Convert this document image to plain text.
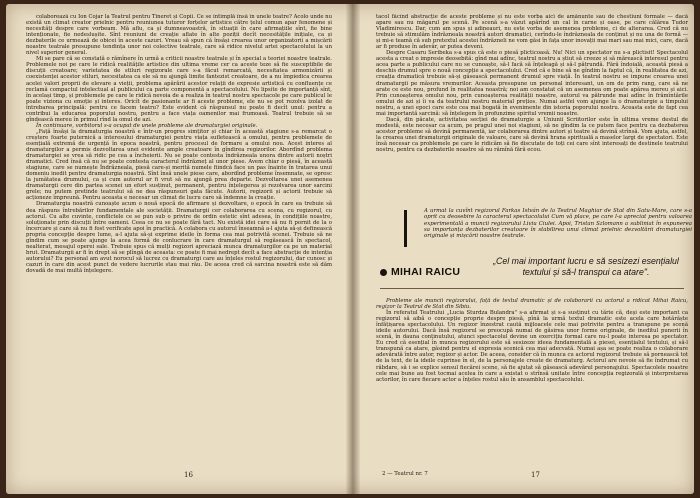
colaborează cu Ion Cojar la Teatrul pentru Tineret și Copii. Ce se întîmplă însă în unele teatre? Acolo unde nu există un climat creator prielnic pentru reuniunea tuturor forțelor artistice către țelul comun apar fenomene și necesități despre care vorbeam. Mă aflu, ca și dumneavoastră, în situații în care afirmațiile sînt, fie bine intenționate, fie nedeslușite. Sînt reuniuni de creație aflate în alte poziții decît necesitățile inițiale, ca și dezbaterile ce urmează de obicei în aceste cazuri. Vreau să spun că însăși crearea unor organizatorii a mișcării noastre teatrale presupune tendința unor noi colective teatrale, care să ridice nivelul artei spectacolului la un nivel superior general.

Mi se pare că se constată o rămînere în urmă a criticii noastre teatrale și în special a teoriei noastre teatrale. Problemele noi pe care le ridică realitățile artistice din ultima vreme cer ca aceste teze să fie susceptibile de discuții creatoare; varietatea de stiluri regizorale care s-a făcut remarcată, necesitatea armonizării și coexistenței acestor stiluri, necesitatea ca ele să nu ajungă limite fantezist creatoare, de a nu împiedica crearea acelei valori proprii de elevare a vieții, problema apărării acestor relații de expresie artistică cu confluențe ce reclamă compactul intelectual al publicului ca parte componentă a spectacolului. Nu lipsite de importanță sînt, în același timp, și problemele pe care le ridică nevoia de a realiza în teatrul nostru spectacole pe care publicul le poate viziona cu emoție și interes. Oricît de pasionante ar fi aceste probleme, ele nu se pot rezolva izolat de întrebarea principală: pentru ce facem teatru? Este evident că răspunsul nu poate fi decît unul: pentru a contribui la educarea poporului nostru, pentru a face viața oamenilor mai frumoasă. Teatrul trebuie să se gîndească mereu în primul rînd la omul de azi.

În continuare, vorbitorul s-a ocupat de unele probleme ale dramaturgiei originale.

„Față însăși la dramaturgia noastră e într-un progres simțitor și chiar în această stagiune s-a remarcat o creștere foarte puternică a interesului dramaturgiei pentru viața sufletească a omului, pentru problemele de esențială extremă de urgență în epoca noastră, pentru procesul de formare a omului nou. Acest interes al dramaturgilor a permis dezvoltarea unei evidente ample creatoare în gîndirea regizorilor. Abordînd problema dramaturgiei se vrea să ridic pe cea a încheierii. Nu se poate contesta îndrăzneala unora dintre autorii noștri dramatici. Cred însă că nu se poate contesta caracterul îndrăzneț al unor piese. Avem chiar o piesă, în această stagiune, care se numește Îndrăzneala, piesă care-și merită numele fiindcă face un pas înainte în tratarea unui domeniu inedit pentru dramaturgia noastră. Sînt însă unele piese care, abordînd probleme însemnate, se opresc la jumătatea drumului, ca și cum autorul ar fi vrut să nu ajungă prea departe. Dezvoltarea unei asemenea dramaturgii cere din partea scenei un efort susținut, permanent, pentru înțelegerea și rezolvarea unor sarcini grele; nu putem pretinde teatrului să ne dea răspunsuri gata făcute. Autorii, regizorii și actorii trebuie să acționeze împreună. Pentru aceasta e necesar un climat de lucru care să îndemne la creație.

Dramaturgia noastră cunoaște acum o nouă epocă de afirmare și dezvoltare, o epocă în care ea trebuie să dea răspuns întrebărilor fundamentale ale societății. Dramaturgii cer colaborarea cu scena, cu regizorul, cu actorul. Cu alte cuvinte, conflictele ce se pun sub o privire de ordin estetic sînt adesea, în condițiile noastre, soluționate prin discuții între oameni. Ceea ce nu se poate fără tact. Nu există idei care să nu fi pornit de la o încercare și care să nu fi fost verificate apoi în practică. A colabora cu autorul înseamnă a-l ajuta să-și definească propria concepție despre lume, a-l ajuta să-și exprime ideile în forma cea mai potrivită scenei. Trebuie să ne gîndim cum se poate ajunge la acea formă de conlucrare în care dramaturgul să regăsească în spectacol, nealterat, mesajul operei sale. Trebuie spus că mulți regizori apreciază munca dramaturgilor ca pe un material brut. Dramaturgii ar fi în drept să se plîngă de aceasta: ce poate fi mai nedrept decît a face abstracție de intenția autorului? Eu personal am avut norocul să lucrez cu dramaturgi care au înțeles rostul regizorului, dar cunosc și cazuri în care din acest punct de vedere lucrurile stau mai rău. De aceea cred că sarcina noastră este să dăm dovadă de mai multă înțelegere.

16

tacol făcînd abstracție de aceste probleme și nu este vorba aici de amănunte sau de chestiuni formale — dacă apare sau nu măgarul pe scenă. Pe scenă s-a văzut apărînd un cal în carne și oase, pe care călărea Tudor Vladimirescu. Dar, cum am spus și adineauri, nu este vorba de asemenea probleme, ci de alterarea. Cred că nu trebuie să stimulăm îndrăzneala noastră autori dramatici, cerîndu-le îndrăzneala de conținut și nu una de formă — și mi-e teamă că sub pretextul acestei îndrăzneli ne vom găsi în fața unor inovații mai mari sau mai mici, care, dacă ar fi produse în adevăr, ar putea deveni.

Despre Casaru Seribeka s-a spus că este o piesă plicticoasă. Nu! Nici un spectator nu s-a plictisit! Spectacolul acesta a creat o impresie deosebită: gînd mai adînc, teatrul nostru a știut să creeze și să mărească interesul pentru acea parte a publicului care nu se cunoaște, să-l facă să înțeleagă și să-l pătrundă. Fără îndoială, această piesă a deschis drumul spre o nouă concepție a spectacolului. Cred că e bine să ne gîndim la faptul că, în realitatea de azi, creația dramatică trebuie să-și găsească permanent drumul spre viață. În teatrul nostru se impune crearea unei dramaturgii pe măsura vremurilor. Aceasta presupune un personal interesant, un om de prim rang, care să ne arate ce este nou, profund în realitatea noastră; noi am constatat că un asemenea om poate apărea mereu și aici. Prin cunoașterea omului nou, prin cunoașterea realității noastre, autorul va pătrunde mai adînc în frămîntările omului de azi și îi va da teatrului nostru material prețios. Numai astfel vom ajunge la o dramaturgie a timpului nostru, a unei epoci care este cea mai bogată în evenimente din istoria poporului nostru. Aceasta este de fapt cea mai importantă sarcină: să înțelegem în profunzime spiritul vremii noastre.

Dacă, din păcate, activitatea secției de dramaturgie a Uniunii Scriitorilor este în ultima vreme destul de modestă, este necesar ca acum, pe pragul unei noi stagiuni, să ne gîndim la ce putem face pentru ca dezbaterea acestor probleme să devină permanentă, iar colaborarea dintre autori și teatre să devină strînsă. Vom ajuta, astfel, la crearea unei dramaturgii originale de valoare, care să devină hrana spirituală a maselor largi de spectatori. Este însă necesar ca problemele pe care le ridicăm să fie discutate de toți cei care sînt interesați de destinele teatrului nostru, pentru ca dezbaterile noastre să nu rămînă fără ecou.

A urmat la cuvînt regizorul Farkas István de la Teatrul Maghiar de Stat din Satu-Mare, care s-a oprit cu deosebire la caracterul spectacolului Cum vă place, pe care l-a apreciat pentru valoarea experimentală a muncii regizorului Liviu Ciulei. Apoi, Tristan Szlomann a subliniat în expunerea sa importanța dezbaterilor creatoare în stabilirea unui climat prielnic dezvoltării dramaturgiei originale și mișcării noastre teatrale.
MIHAI RAICU
„Cel mai important lucru e să sesizezi esențialul textului și să-l transpui ca atare".

Probleme ale muncii regizorului, față de textul dramatic și de colaborarii cu actorul a ridicat Mihai Raicu, regizor la Teatrul de Stat din Sibiu.

În referatul Teatrului „Lucia Sturdza Bulandra" s-a afirmat și s-a susținut cu tărie că, deși este important ca regizorul să aibă o concepție proprie despre piesă, pînă la urmă textul dramatic este acela care hotărăște înfățișarea spectacolului. Un regizor înzestrat caută mijloacele cele mai potrivite pentru a transpune pe scenă ideile autorului. Dacă însă regizorul se preocupă numai de găsirea unor forme originale, de ineditul punerii în scenă, în dauna conținutului, atunci spectacolul devine un exercițiu formal care nu-l poate interesa pe spectator. Eu cred că esențial în munca regizorului este să sesizeze ideea fundamentală a piesei, esențialul textului, și să-l transpună ca atare, găsind pentru el expresia scenică cea mai adecvată. Numai așa se poate realiza o colaborare adevărată între autor, regizor și actor. De aceea, consider că în munca cu actorul regizorul trebuie să pornească tot de la text, de la ideile cuprinse în el, de la personajele create de dramaturg. Actorul are nevoie să fie îndrumat cu răbdare, să i se explice sensul fiecărei scene, să fie ajutat să găsească adevărul personajului. Spectacolele noastre cele mai bune au fost tocmai acelea în care a existat o strînsă unitate între concepția regizorală și interpretarea actorilor, în care fiecare actor a înțeles rostul său în ansamblul spectacolului.

2 — Teatrul nr. 7	17
